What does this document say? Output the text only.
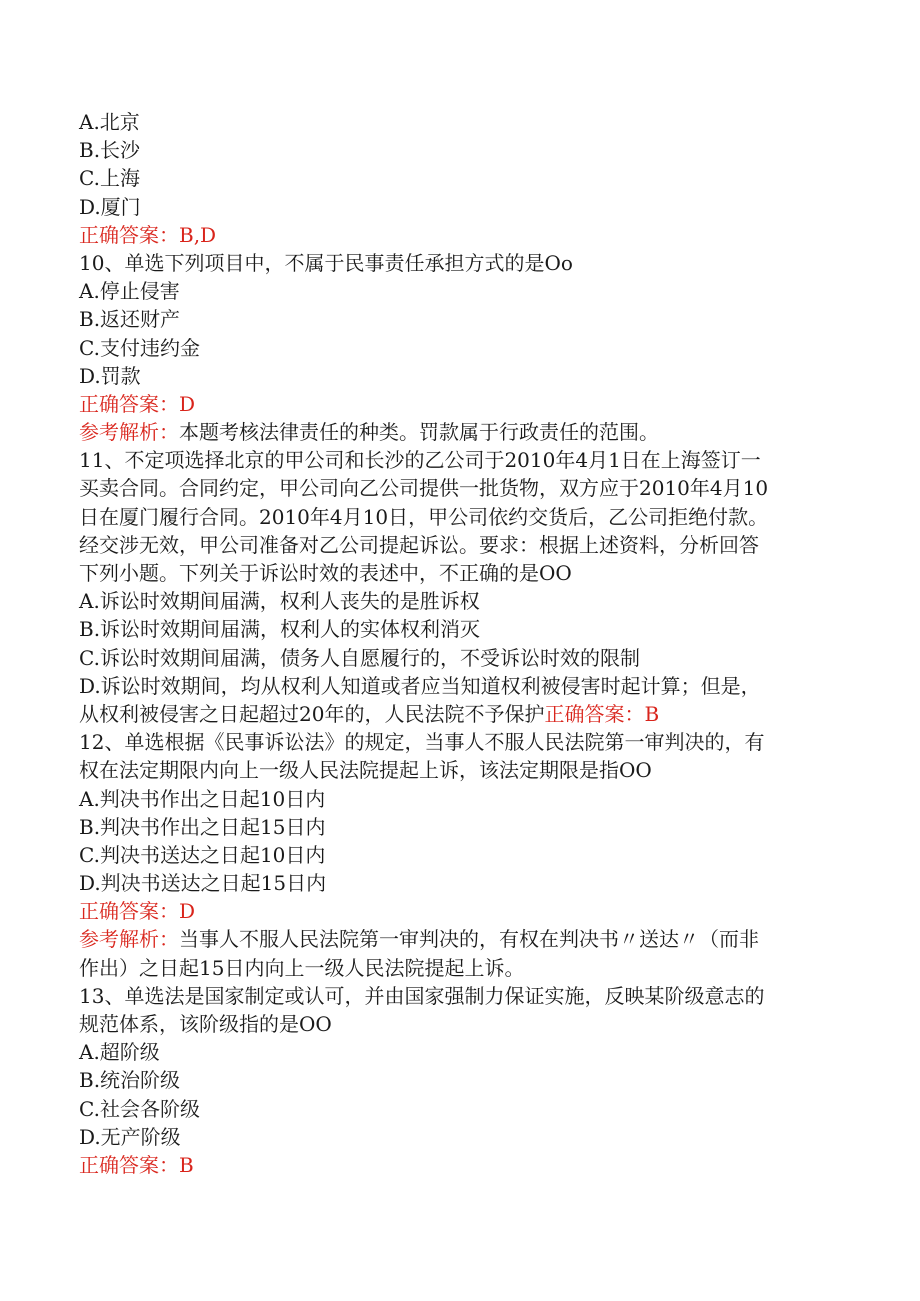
A.北京
B.长沙
C.上海
D.厦门
正确答案：B,D
10、单选下列项目中，不属于民事责任承担方式的是Oo
A.停止侵害
B.返还财产
C.支付违约金
D.罚款
正确答案：D
参考解析：本题考核法律责任的种类。罚款属于行政责任的范围。
11、不定项选择北京的甲公司和长沙的乙公司于2010年4月1日在上海签订一
买卖合同。合同约定，甲公司向乙公司提供一批货物，双方应于2010年4月10
日在厦门履行合同。2010年4月10日，甲公司依约交货后，乙公司拒绝付款。
经交涉无效，甲公司准备对乙公司提起诉讼。要求：根据上述资料，分析回答
下列小题。下列关于诉讼时效的表述中，不正确的是OO
A.诉讼时效期间届满，权利人丧失的是胜诉权
B.诉讼时效期间届满，权利人的实体权利消灭
C.诉讼时效期间届满，债务人自愿履行的，不受诉讼时效的限制
D.诉讼时效期间，均从权利人知道或者应当知道权利被侵害时起计算；但是，
从权利被侵害之日起超过20年的，人民法院不予保护正确答案：B
12、单选根据《民事诉讼法》的规定，当事人不服人民法院第一审判决的，有
权在法定期限内向上一级人民法院提起上诉，该法定期限是指OO
A.判决书作出之日起10日内
B.判决书作出之日起15日内
C.判决书送达之日起10日内
D.判决书送达之日起15日内
正确答案：D
参考解析：当事人不服人民法院第一审判决的，有权在判决书〃送达〃（而非
作出）之日起15日内向上一级人民法院提起上诉。
13、单选法是国家制定或认可，并由国家强制力保证实施，反映某阶级意志的
规范体系，该阶级指的是OO
A.超阶级
B.统治阶级
C.社会各阶级
D.无产阶级
正确答案：B
